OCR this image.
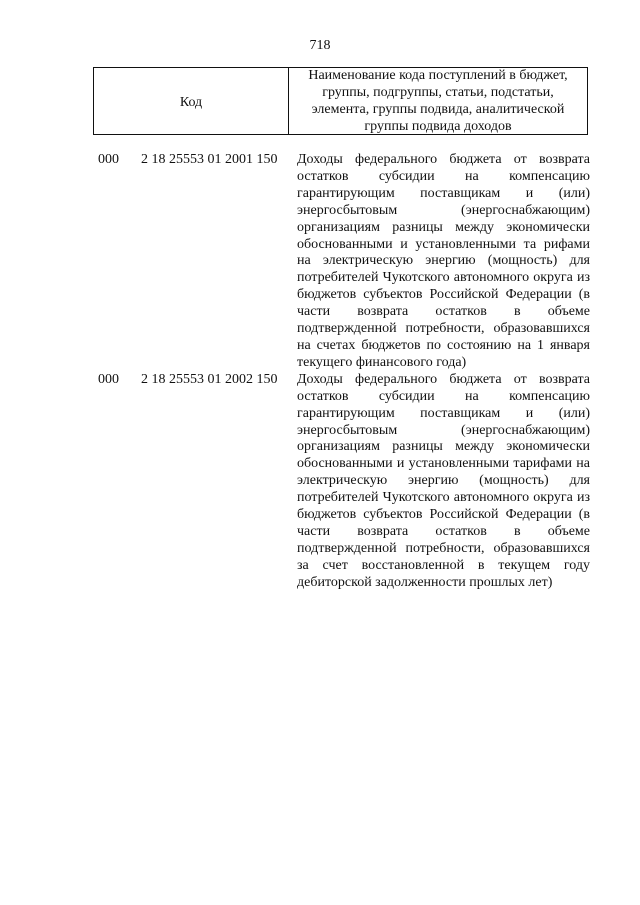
718
Код
Наименование кода поступлений в бюджет, группы, подгруппы, статьи, подстатьи, элемента, группы подвида, аналитической группы подвида доходов
000	2 18 25553 01 2001 150	Доходы федерального бюджета от возврата остатков субсидии на компенсацию гарантирующим поставщикам и (или) энергосбытовым (энергоснабжающим) организациям разницы между экономически обоснованными и установленными та рифами на электрическую энергию (мощность) для потребителей Чукотского автономного округа из бюджетов субъектов Российской Федерации (в части возврата остатков в объеме подтвержденной потребности, образовавшихся на счетах бюджетов по состоянию на 1 января текущего финансового года)
000	2 18 25553 01 2002 150	Доходы федерального бюджета от возврата остатков субсидии на компенсацию гарантирующим поставщикам и (или) энергосбытовым (энергоснабжающим) организациям разницы между экономически обоснованными и установленными тарифами на электрическую энергию (мощность) для потребителей Чукотского автономного округа из бюджетов субъектов Российской Федерации (в части возврата остатков в объеме подтвержденной потребности, образовавшихся за счет восстановленной в текущем году дебиторской задолженности прошлых лет)
